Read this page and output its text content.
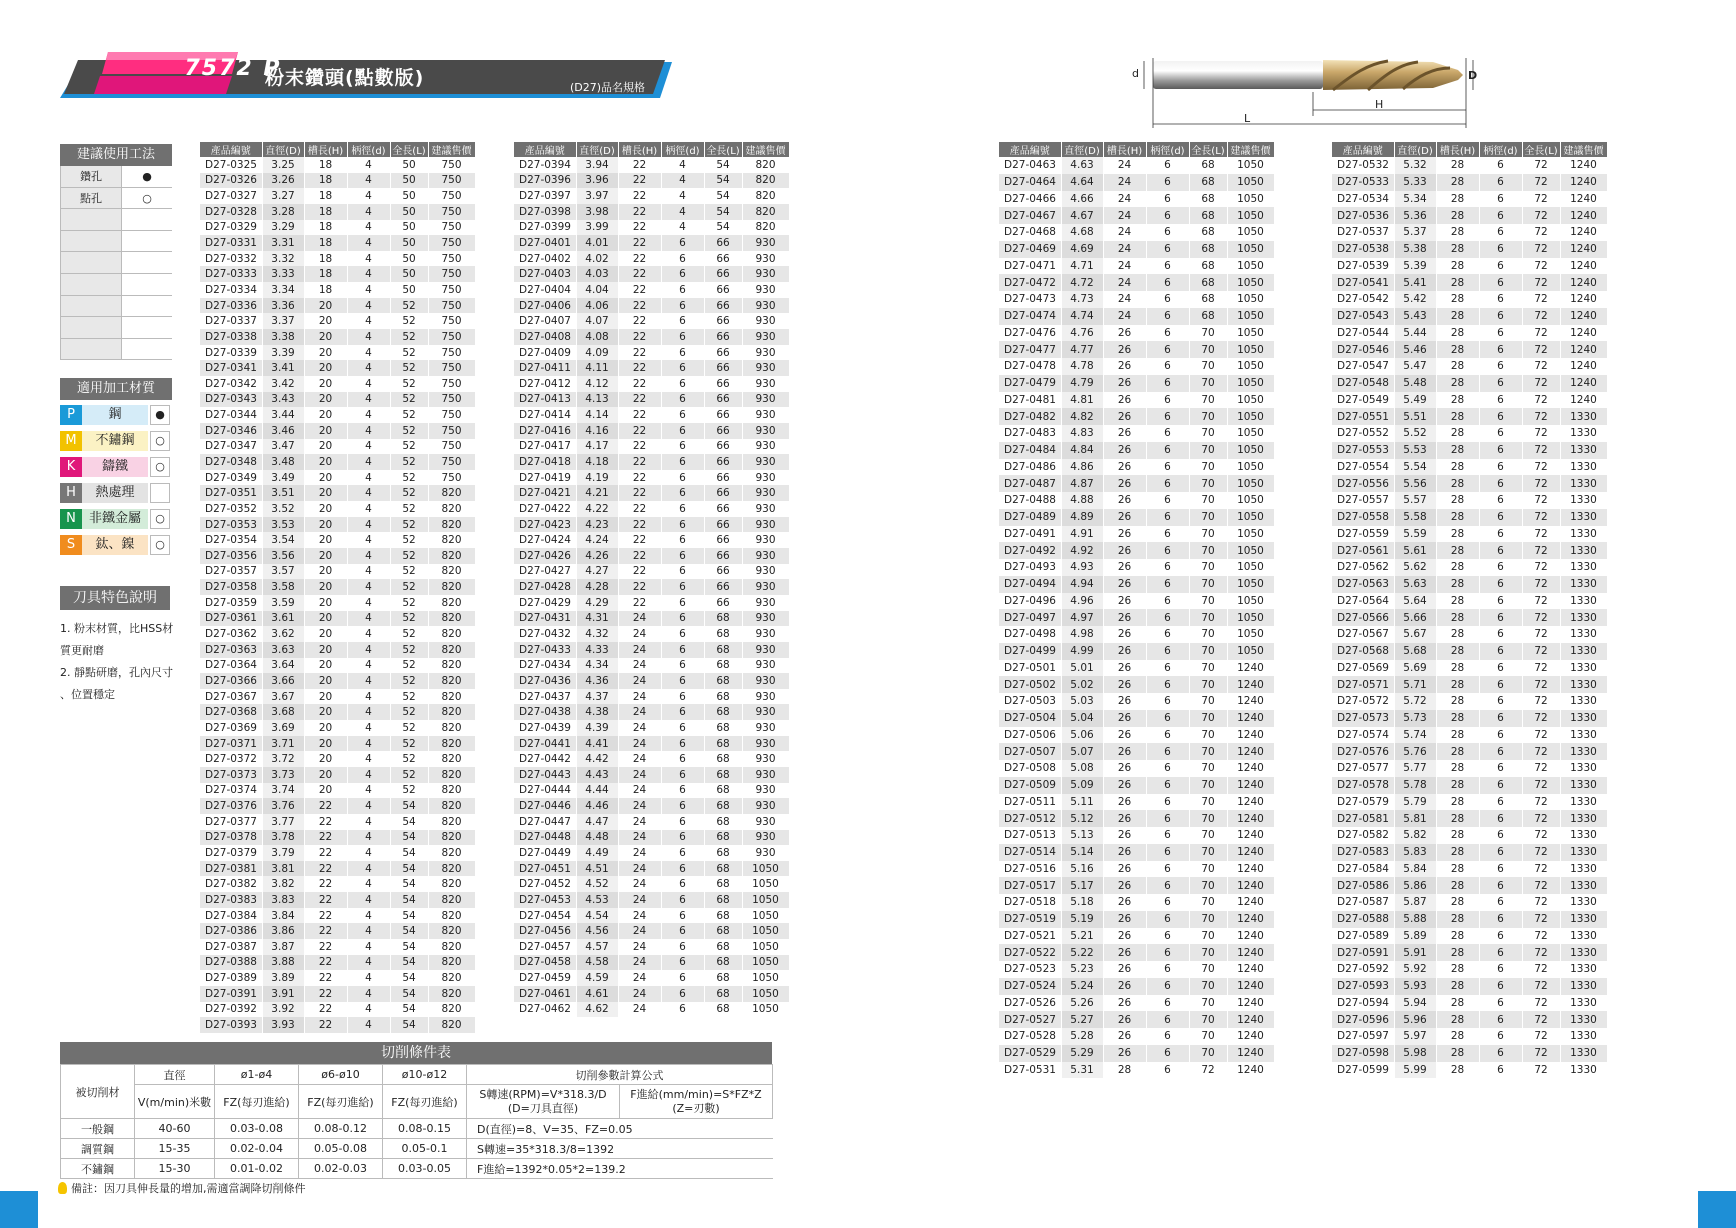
7572 P
粉末鑽頭(點數版)	(D27)品名規格
建議使用工法
鑽孔	●
點孔	○
適用加工材質
P	鋼	●
M	不鏽鋼	○
K	鑄鐵	○
H	熱處理
N	非鐵金屬	○
S	鈦、鎳	○
刀具特色說明
1. 粉末材質，比HSS材
質更耐磨
2. 靜點研磨，孔內尺寸
、位置穩定
產品編號	直徑(D)	槽長(H)	柄徑(d)	全長(L)	建議售價
D27-0325	3.25	18	4	50	750
D27-0326	3.26	18	4	50	750
D27-0327	3.27	18	4	50	750
D27-0328	3.28	18	4	50	750
D27-0329	3.29	18	4	50	750
D27-0331	3.31	18	4	50	750
D27-0332	3.32	18	4	50	750
D27-0333	3.33	18	4	50	750
D27-0334	3.34	18	4	50	750
D27-0336	3.36	20	4	52	750
D27-0337	3.37	20	4	52	750
D27-0338	3.38	20	4	52	750
D27-0339	3.39	20	4	52	750
D27-0341	3.41	20	4	52	750
D27-0342	3.42	20	4	52	750
D27-0343	3.43	20	4	52	750
D27-0344	3.44	20	4	52	750
D27-0346	3.46	20	4	52	750
D27-0347	3.47	20	4	52	750
D27-0348	3.48	20	4	52	750
D27-0349	3.49	20	4	52	750
D27-0351	3.51	20	4	52	820
D27-0352	3.52	20	4	52	820
D27-0353	3.53	20	4	52	820
D27-0354	3.54	20	4	52	820
D27-0356	3.56	20	4	52	820
D27-0357	3.57	20	4	52	820
D27-0358	3.58	20	4	52	820
D27-0359	3.59	20	4	52	820
D27-0361	3.61	20	4	52	820
D27-0362	3.62	20	4	52	820
D27-0363	3.63	20	4	52	820
D27-0364	3.64	20	4	52	820
D27-0366	3.66	20	4	52	820
D27-0367	3.67	20	4	52	820
D27-0368	3.68	20	4	52	820
D27-0369	3.69	20	4	52	820
D27-0371	3.71	20	4	52	820
D27-0372	3.72	20	4	52	820
D27-0373	3.73	20	4	52	820
D27-0374	3.74	20	4	52	820
D27-0376	3.76	22	4	54	820
D27-0377	3.77	22	4	54	820
D27-0378	3.78	22	4	54	820
D27-0379	3.79	22	4	54	820
D27-0381	3.81	22	4	54	820
D27-0382	3.82	22	4	54	820
D27-0383	3.83	22	4	54	820
D27-0384	3.84	22	4	54	820
D27-0386	3.86	22	4	54	820
D27-0387	3.87	22	4	54	820
D27-0388	3.88	22	4	54	820
D27-0389	3.89	22	4	54	820
D27-0391	3.91	22	4	54	820
D27-0392	3.92	22	4	54	820
D27-0393	3.93	22	4	54	820
產品編號	直徑(D)	槽長(H)	柄徑(d)	全長(L)	建議售價
D27-0394	3.94	22	4	54	820
D27-0396	3.96	22	4	54	820
D27-0397	3.97	22	4	54	820
D27-0398	3.98	22	4	54	820
D27-0399	3.99	22	4	54	820
D27-0401	4.01	22	6	66	930
D27-0402	4.02	22	6	66	930
D27-0403	4.03	22	6	66	930
D27-0404	4.04	22	6	66	930
D27-0406	4.06	22	6	66	930
D27-0407	4.07	22	6	66	930
D27-0408	4.08	22	6	66	930
D27-0409	4.09	22	6	66	930
D27-0411	4.11	22	6	66	930
D27-0412	4.12	22	6	66	930
D27-0413	4.13	22	6	66	930
D27-0414	4.14	22	6	66	930
D27-0416	4.16	22	6	66	930
D27-0417	4.17	22	6	66	930
D27-0418	4.18	22	6	66	930
D27-0419	4.19	22	6	66	930
D27-0421	4.21	22	6	66	930
D27-0422	4.22	22	6	66	930
D27-0423	4.23	22	6	66	930
D27-0424	4.24	22	6	66	930
D27-0426	4.26	22	6	66	930
D27-0427	4.27	22	6	66	930
D27-0428	4.28	22	6	66	930
D27-0429	4.29	22	6	66	930
D27-0431	4.31	24	6	68	930
D27-0432	4.32	24	6	68	930
D27-0433	4.33	24	6	68	930
D27-0434	4.34	24	6	68	930
D27-0436	4.36	24	6	68	930
D27-0437	4.37	24	6	68	930
D27-0438	4.38	24	6	68	930
D27-0439	4.39	24	6	68	930
D27-0441	4.41	24	6	68	930
D27-0442	4.42	24	6	68	930
D27-0443	4.43	24	6	68	930
D27-0444	4.44	24	6	68	930
D27-0446	4.46	24	6	68	930
D27-0447	4.47	24	6	68	930
D27-0448	4.48	24	6	68	930
D27-0449	4.49	24	6	68	930
D27-0451	4.51	24	6	68	1050
D27-0452	4.52	24	6	68	1050
D27-0453	4.53	24	6	68	1050
D27-0454	4.54	24	6	68	1050
D27-0456	4.56	24	6	68	1050
D27-0457	4.57	24	6	68	1050
D27-0458	4.58	24	6	68	1050
D27-0459	4.59	24	6	68	1050
D27-0461	4.61	24	6	68	1050
D27-0462	4.62	24	6	68	1050
產品編號	直徑(D)	槽長(H)	柄徑(d)	全長(L)	建議售價
D27-0463	4.63	24	6	68	1050
D27-0464	4.64	24	6	68	1050
D27-0466	4.66	24	6	68	1050
D27-0467	4.67	24	6	68	1050
D27-0468	4.68	24	6	68	1050
D27-0469	4.69	24	6	68	1050
D27-0471	4.71	24	6	68	1050
D27-0472	4.72	24	6	68	1050
D27-0473	4.73	24	6	68	1050
D27-0474	4.74	24	6	68	1050
D27-0476	4.76	26	6	70	1050
D27-0477	4.77	26	6	70	1050
D27-0478	4.78	26	6	70	1050
D27-0479	4.79	26	6	70	1050
D27-0481	4.81	26	6	70	1050
D27-0482	4.82	26	6	70	1050
D27-0483	4.83	26	6	70	1050
D27-0484	4.84	26	6	70	1050
D27-0486	4.86	26	6	70	1050
D27-0487	4.87	26	6	70	1050
D27-0488	4.88	26	6	70	1050
D27-0489	4.89	26	6	70	1050
D27-0491	4.91	26	6	70	1050
D27-0492	4.92	26	6	70	1050
D27-0493	4.93	26	6	70	1050
D27-0494	4.94	26	6	70	1050
D27-0496	4.96	26	6	70	1050
D27-0497	4.97	26	6	70	1050
D27-0498	4.98	26	6	70	1050
D27-0499	4.99	26	6	70	1050
D27-0501	5.01	26	6	70	1240
D27-0502	5.02	26	6	70	1240
D27-0503	5.03	26	6	70	1240
D27-0504	5.04	26	6	70	1240
D27-0506	5.06	26	6	70	1240
D27-0507	5.07	26	6	70	1240
D27-0508	5.08	26	6	70	1240
D27-0509	5.09	26	6	70	1240
D27-0511	5.11	26	6	70	1240
D27-0512	5.12	26	6	70	1240
D27-0513	5.13	26	6	70	1240
D27-0514	5.14	26	6	70	1240
D27-0516	5.16	26	6	70	1240
D27-0517	5.17	26	6	70	1240
D27-0518	5.18	26	6	70	1240
D27-0519	5.19	26	6	70	1240
D27-0521	5.21	26	6	70	1240
D27-0522	5.22	26	6	70	1240
D27-0523	5.23	26	6	70	1240
D27-0524	5.24	26	6	70	1240
D27-0526	5.26	26	6	70	1240
D27-0527	5.27	26	6	70	1240
D27-0528	5.28	26	6	70	1240
D27-0529	5.29	26	6	70	1240
D27-0531	5.31	28	6	72	1240
產品編號	直徑(D)	槽長(H)	柄徑(d)	全長(L)	建議售價
D27-0532	5.32	28	6	72	1240
D27-0533	5.33	28	6	72	1240
D27-0534	5.34	28	6	72	1240
D27-0536	5.36	28	6	72	1240
D27-0537	5.37	28	6	72	1240
D27-0538	5.38	28	6	72	1240
D27-0539	5.39	28	6	72	1240
D27-0541	5.41	28	6	72	1240
D27-0542	5.42	28	6	72	1240
D27-0543	5.43	28	6	72	1240
D27-0544	5.44	28	6	72	1240
D27-0546	5.46	28	6	72	1240
D27-0547	5.47	28	6	72	1240
D27-0548	5.48	28	6	72	1240
D27-0549	5.49	28	6	72	1240
D27-0551	5.51	28	6	72	1330
D27-0552	5.52	28	6	72	1330
D27-0553	5.53	28	6	72	1330
D27-0554	5.54	28	6	72	1330
D27-0556	5.56	28	6	72	1330
D27-0557	5.57	28	6	72	1330
D27-0558	5.58	28	6	72	1330
D27-0559	5.59	28	6	72	1330
D27-0561	5.61	28	6	72	1330
D27-0562	5.62	28	6	72	1330
D27-0563	5.63	28	6	72	1330
D27-0564	5.64	28	6	72	1330
D27-0566	5.66	28	6	72	1330
D27-0567	5.67	28	6	72	1330
D27-0568	5.68	28	6	72	1330
D27-0569	5.69	28	6	72	1330
D27-0571	5.71	28	6	72	1330
D27-0572	5.72	28	6	72	1330
D27-0573	5.73	28	6	72	1330
D27-0574	5.74	28	6	72	1330
D27-0576	5.76	28	6	72	1330
D27-0577	5.77	28	6	72	1330
D27-0578	5.78	28	6	72	1330
D27-0579	5.79	28	6	72	1330
D27-0581	5.81	28	6	72	1330
D27-0582	5.82	28	6	72	1330
D27-0583	5.83	28	6	72	1330
D27-0584	5.84	28	6	72	1330
D27-0586	5.86	28	6	72	1330
D27-0587	5.87	28	6	72	1330
D27-0588	5.88	28	6	72	1330
D27-0589	5.89	28	6	72	1330
D27-0591	5.91	28	6	72	1330
D27-0592	5.92	28	6	72	1330
D27-0593	5.93	28	6	72	1330
D27-0594	5.94	28	6	72	1330
D27-0596	5.96	28	6	72	1330
D27-0597	5.97	28	6	72	1330
D27-0598	5.98	28	6	72	1330
D27-0599	5.99	28	6	72	1330
d	D
L
H
切削條件表
被切削材	直徑	ø1-ø4	ø6-ø10	ø10-ø12	切削參數計算公式	
	V(m/min)米數	FZ(每刃進給)	FZ(每刃進給)	FZ(每刃進給)	S轉速(RPM)=V*318.3/D
(D=刀具直徑)	F進給(mm/min)=S*FZ*Z
(Z=刃數)
一般鋼	40-60	0.03-0.08	0.08-0.12	0.08-0.15	D(直徑)=8、V=35、FZ=0.05	
調質鋼	15-35	0.02-0.04	0.05-0.08	0.05-0.1	S轉速=35*318.3/8=1392	
不鏽鋼	15-30	0.01-0.02	0.02-0.03	0.03-0.05	F進給=1392*0.05*2=139.2	
備註：因刀具伸長量的增加,需適當調降切削條件
